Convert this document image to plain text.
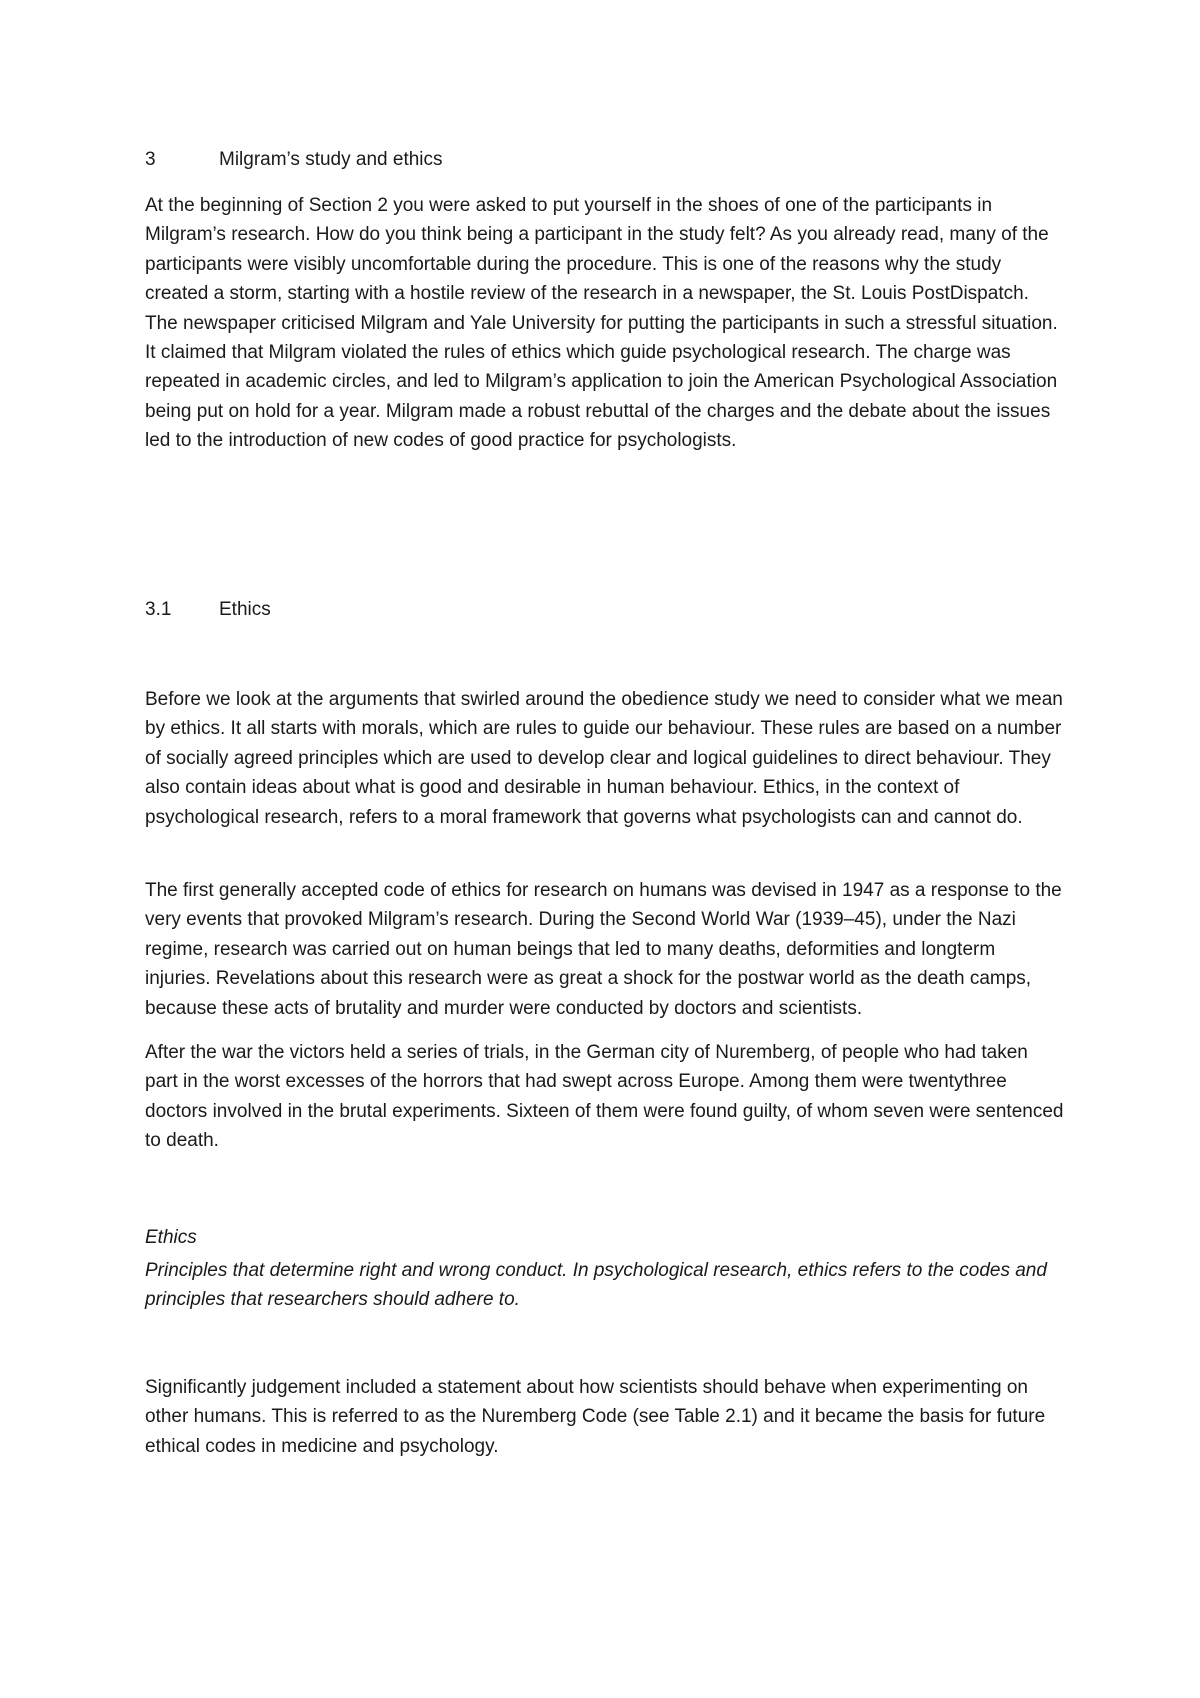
3	Milgram’s study and ethics

At the beginning of Section 2 you were asked to put yourself in the shoes of one of the participants in Milgram’s research. How do you think being a participant in the study felt? As you already read, many of the participants were visibly uncomfortable during the procedure. This is one of the reasons why the study created a storm, starting with a hostile review of the research in a newspaper, the St. Louis PostDispatch. The newspaper criticised Milgram and Yale University for putting the participants in such a stressful situation. It claimed that Milgram violated the rules of ethics which guide psychological research. The charge was repeated in academic circles, and led to Milgram’s application to join the American Psychological Association being put on hold for a year. Milgram made a robust rebuttal of the charges and the debate about the issues led to the introduction of new codes of good practice for psychologists.

3.1	Ethics

Before we look at the arguments that swirled around the obedience study we need to consider what we mean by ethics. It all starts with morals, which are rules to guide our behaviour. These rules are based on a number of socially agreed principles which are used to develop clear and logical guidelines to direct behaviour. They also contain ideas about what is good and desirable in human behaviour. Ethics, in the context of psychological research, refers to a moral framework that governs what psychologists can and cannot do.

The first generally accepted code of ethics for research on humans was devised in 1947 as a response to the very events that provoked Milgram’s research. During the Second World War (1939–45), under the Nazi regime, research was carried out on human beings that led to many deaths, deformities and longterm injuries. Revelations about this research were as great a shock for the postwar world as the death camps, because these acts of brutality and murder were conducted by doctors and scientists.

After the war the victors held a series of trials, in the German city of Nuremberg, of people who had taken part in the worst excesses of the horrors that had swept across Europe. Among them were twentythree doctors involved in the brutal experiments. Sixteen of them were found guilty, of whom seven were sentenced to death.

Ethics

Principles that determine right and wrong conduct. In psychological research, ethics refers to the codes and principles that researchers should adhere to.

Significantly judgement included a statement about how scientists should behave when experimenting on other humans. This is referred to as the Nuremberg Code (see Table 2.1) and it became the basis for future ethical codes in medicine and psychology.
